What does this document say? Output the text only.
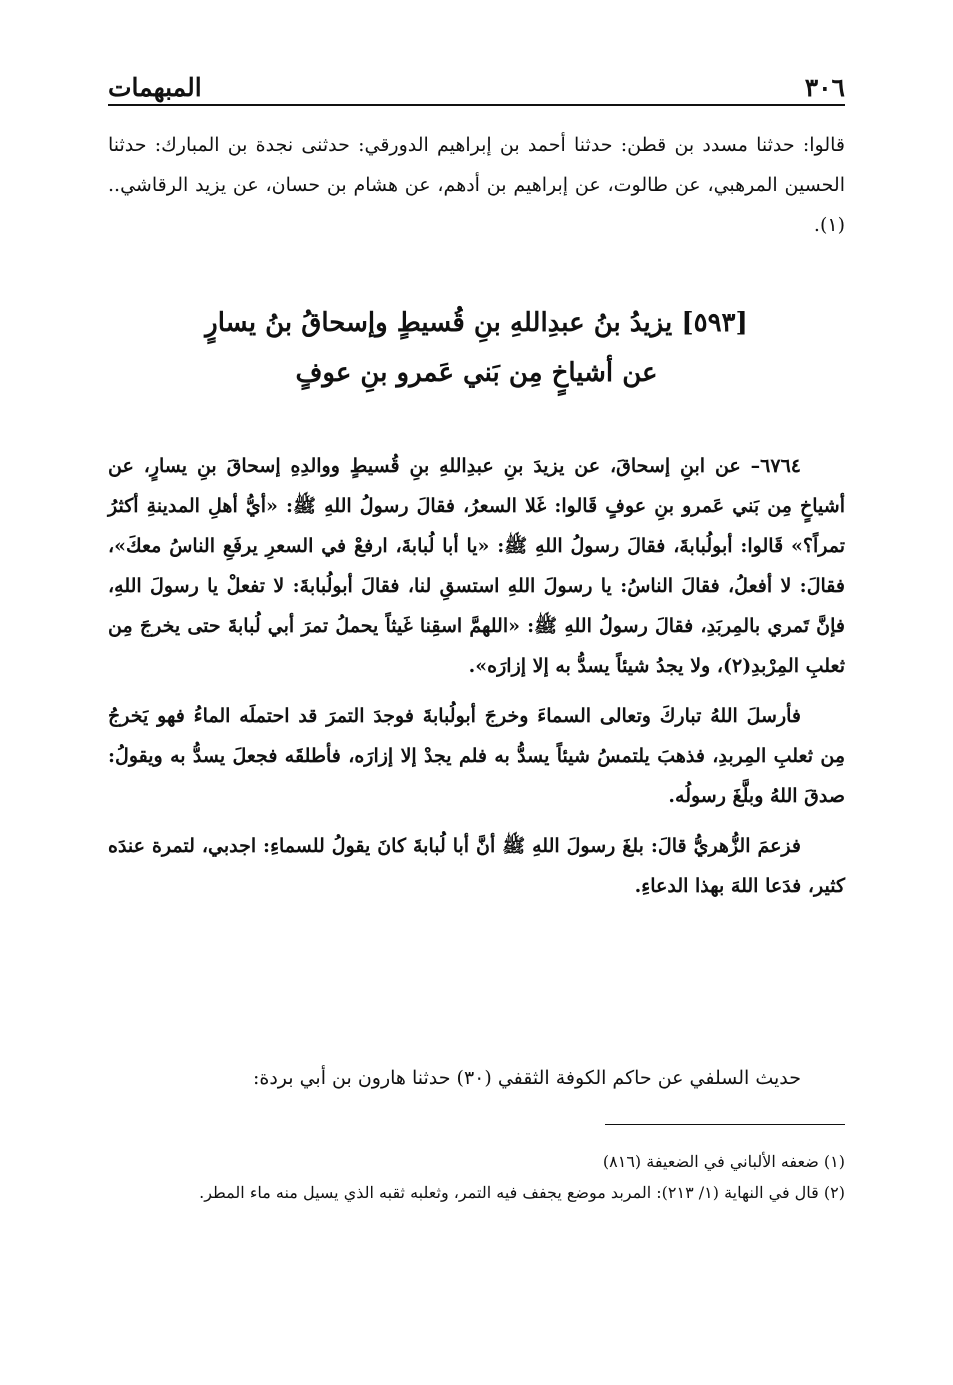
٣٠٦
المبهمات

قالوا: حدثنا مسدد بن قطن: حدثنا أحمد بن إبراهيم الدورقي: حدثنى نجدة بن المبارك: حدثنا الحسين المرهبي، عن طالوت، عن إبراهيم بن أدهم، عن هشام بن حسان، عن يزيد الرقاشي.. (١).

[٥٩٣] يزيدُ بنُ عبدِاللهِ بنِ قُسيطٍ وإسحاقُ بنُ يسارٍ
عن أشياخٍ مِن بَني عَمرو بنِ عوفٍ

٦٧٦٤– عن ابنِ إسحاقَ، عن يزيدَ بنِ عبدِاللهِ بنِ قُسيطٍ ووالدِهِ إسحاقَ بنِ يسارٍ، عن أشياخٍ مِن بَني عَمرو بنِ عوفٍ قَالوا: غَلا السعرُ، فقالَ رسولُ اللهِ ﷺ: «أيُّ أهلِ المدينةِ أكثرُ تمراً؟» قَالوا: أبولُبابةَ، فقالَ رسولُ اللهِ ﷺ: «يا أبا لُبابةَ، ارفعْ في السعرِ يرفَعِ الناسُ معكَ»، فقالَ: لا أفعلُ، فقالَ الناسُ: يا رسولَ اللهِ استسقِ لنا، فقالَ أبولُبابةَ: لا تفعلْ يا رسولَ اللهِ، فإنَّ تَمري بالمِربَدِ، فقالَ رسولُ اللهِ ﷺ: «اللهمَّ اسقِنا غَيثاً يحملُ تمرَ أبي لُبابةَ حتى يخرجَ مِن ثعلبِ المِرْبدِ(٢)، ولا يجدُ شيئاً يسدُّ به إلا إزارَه».

فأرسلَ اللهُ تباركَ وتعالى السماءَ وخرجَ أبولُبابةَ فوجدَ التمرَ قد احتملَه الماءُ فهو يَخرجُ مِن ثعلبِ المِربدِ، فذهبَ يلتمسُ شيئاً يسدُّ به فلم يجدْ إلا إزارَه، فأطلقَه فجعلَ يسدُّ به ويقولُ: صدقَ اللهُ وبلَّغَ رسولُه.

فزعمَ الزُّهريُّ قالَ: بلغَ رسولَ اللهِ ﷺ أنَّ أبا لُبابةَ كانَ يقولُ للسماءِ: اجدبي، لتمرة عندَه كثير، فدَعا اللهَ بهذا الدعاءِ.

حديث السلفي عن حاكم الكوفة الثقفي (٣٠) حدثنا هارون بن أبي بردة:

(١) ضعفه الألباني في الضعيفة (٨١٦)

(٢) قال في النهاية (١/ ٢١٣): المربد موضع يجفف فيه التمر، وثعلبه ثقبه الذي يسيل منه ماء المطر.
